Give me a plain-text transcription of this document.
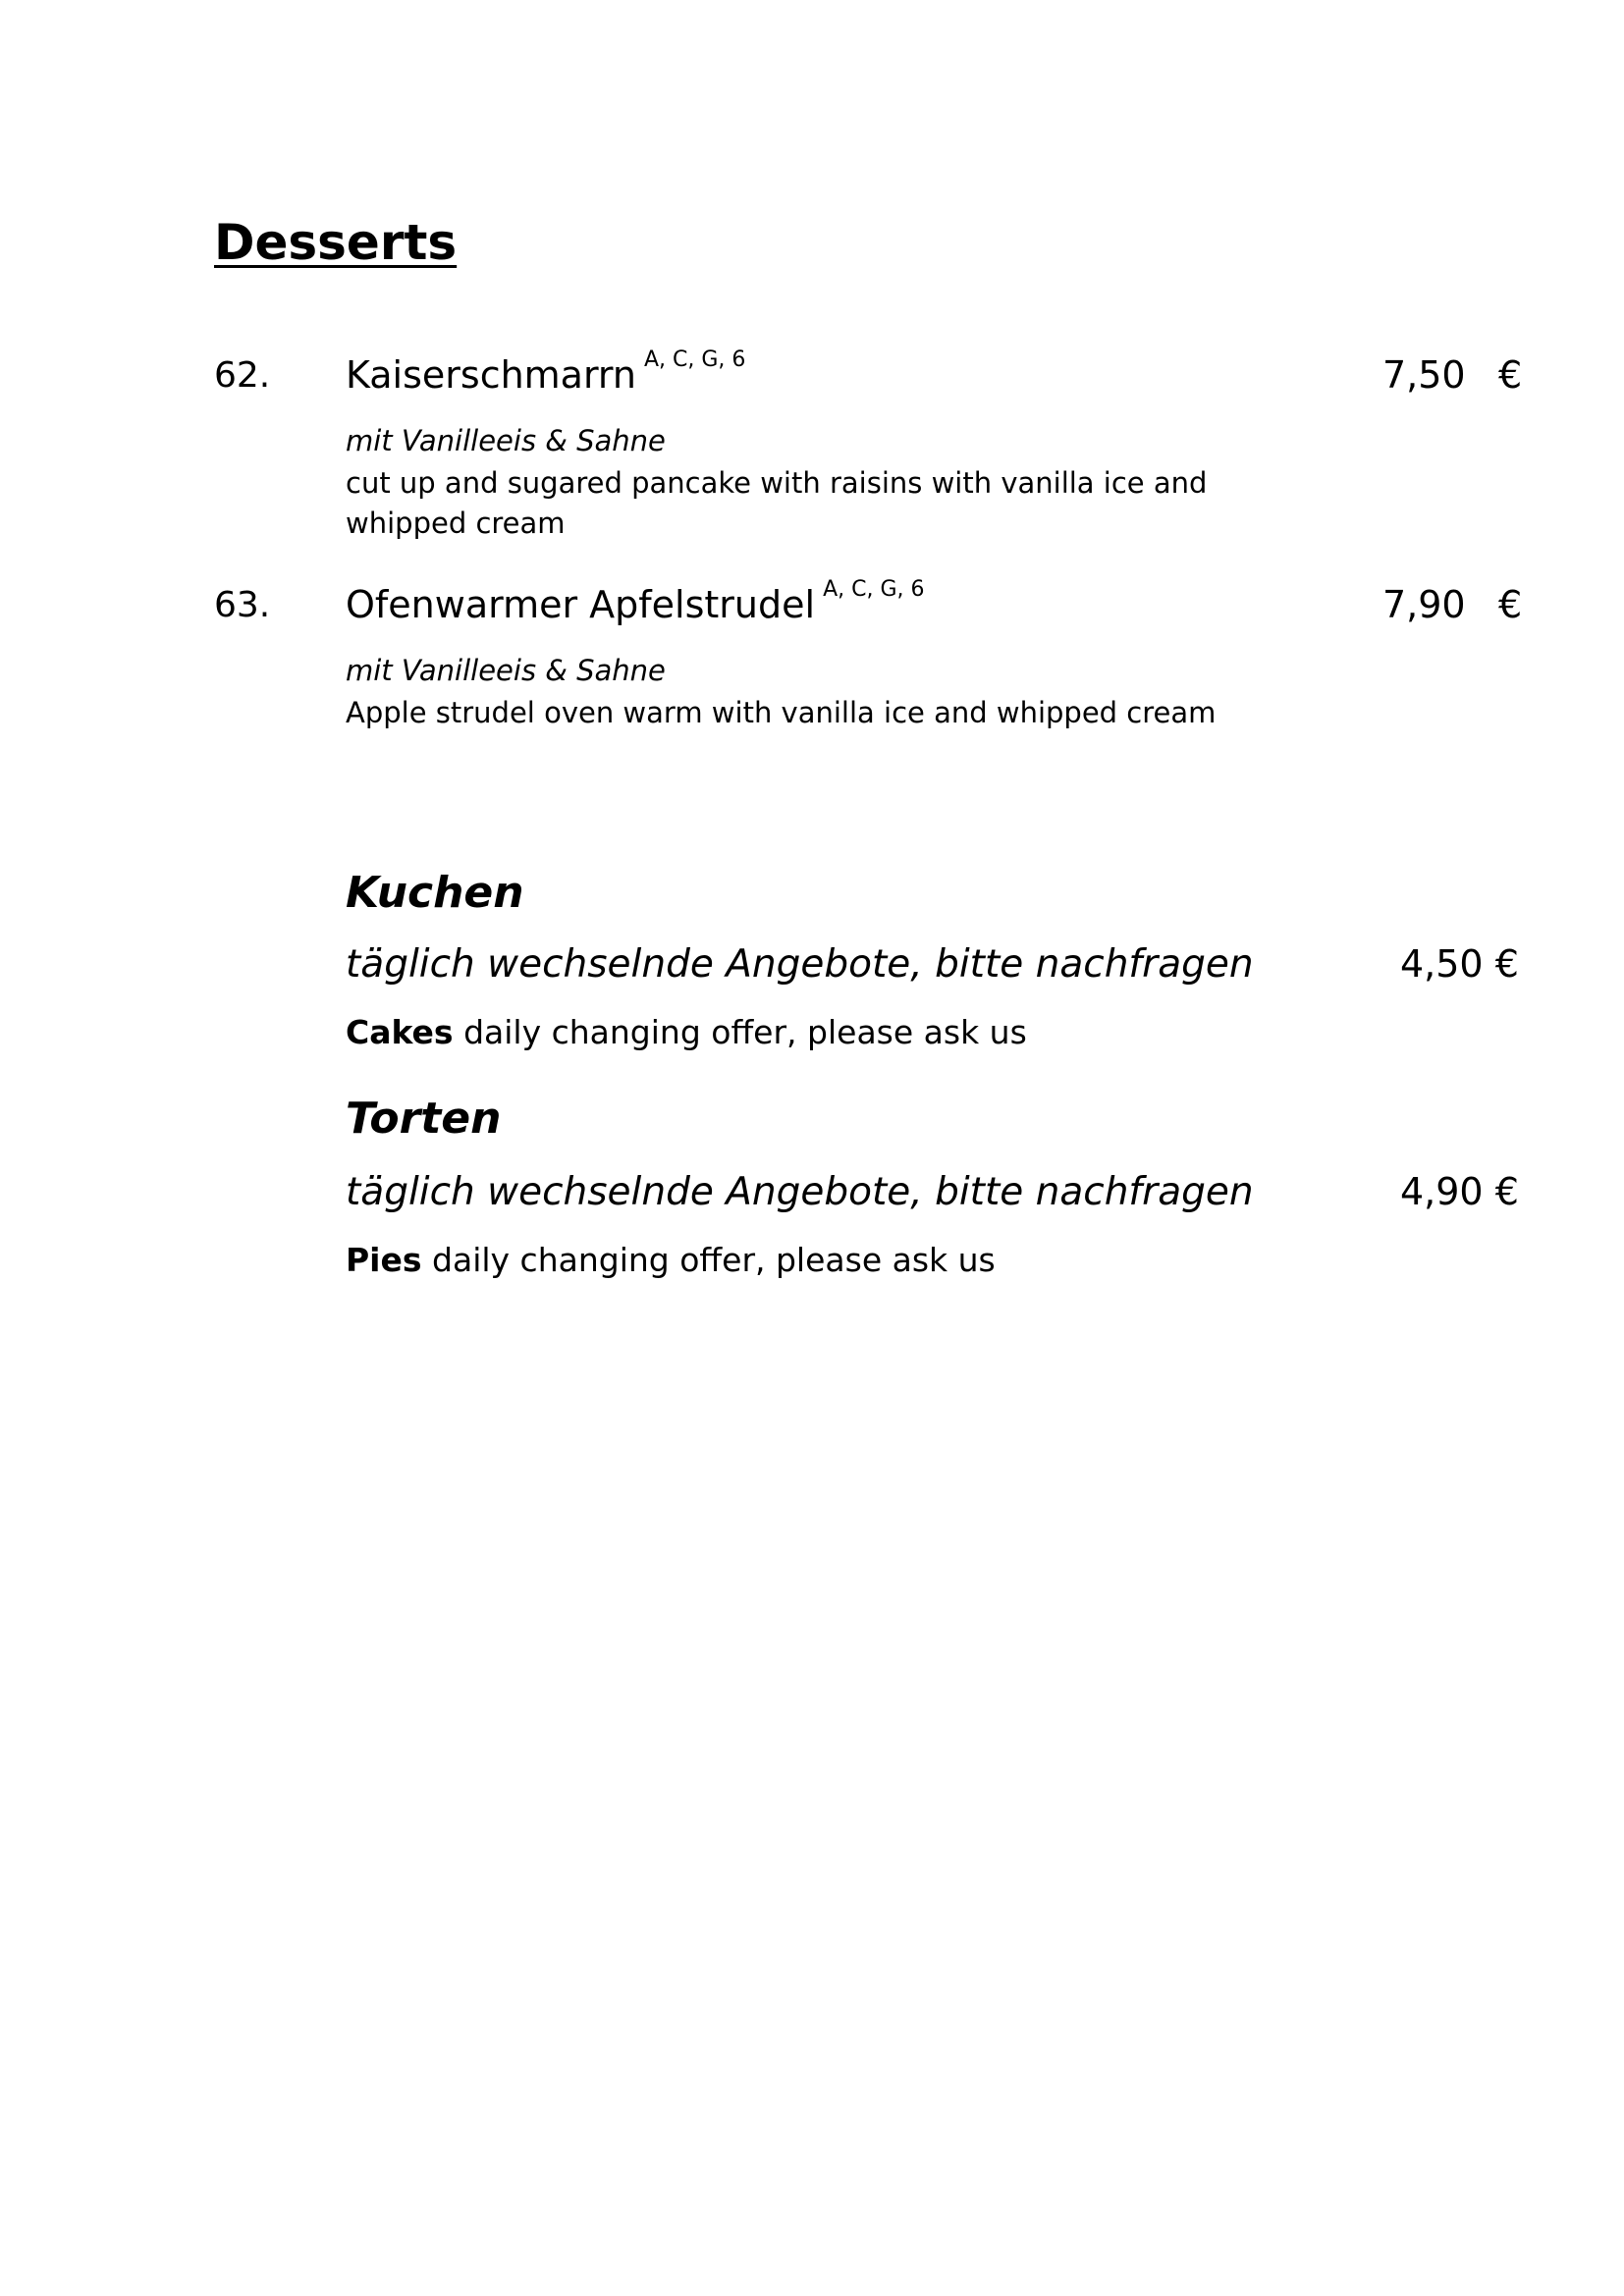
Desserts
62. Kaiserschmarrn $^{A, C, G, 6}$	7,50 €
mit Vanilleeis & Sahne
cut up and sugared pancake with raisins with vanilla ice and whipped cream
63. Ofenwarmer Apfelstrudel $^{A, C, G, 6}$	7,90 €
mit Vanilleeis & Sahne
Apple strudel oven warm with vanilla ice and whipped cream
Kuchen
täglich wechselnde Angebote, bitte nachfragen	4,50 €
Cakes daily changing offer, please ask us
Torten
täglich wechselnde Angebote, bitte nachfragen	4,90 €
Pies daily changing offer, please ask us
